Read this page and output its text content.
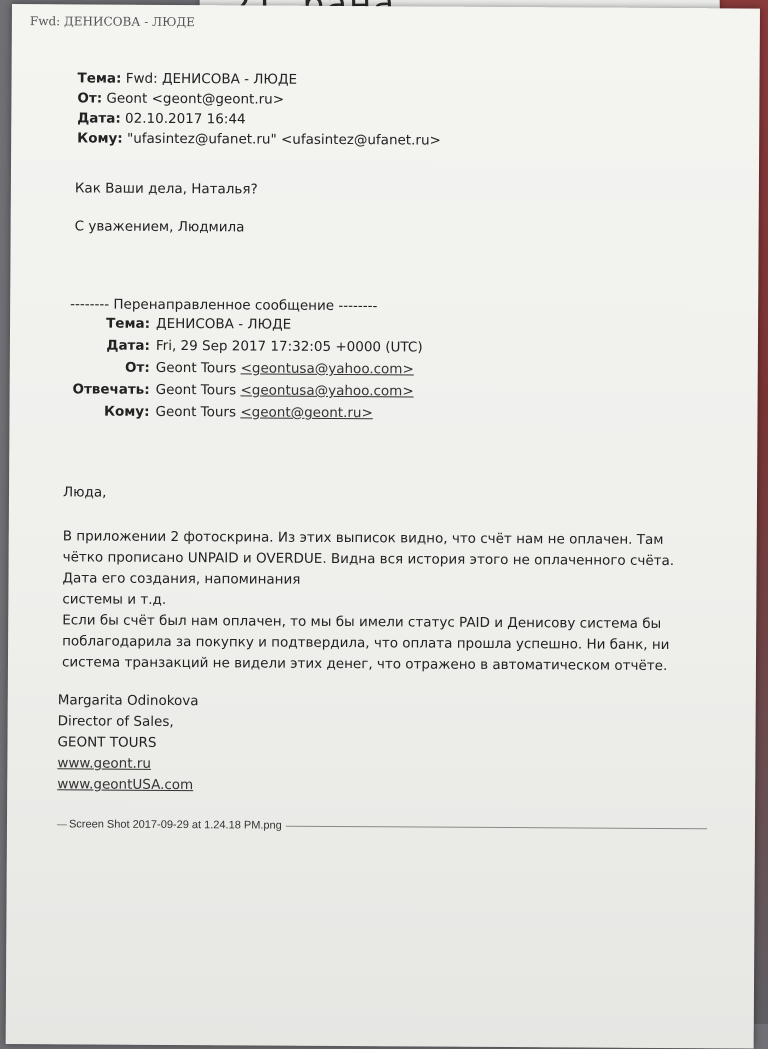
Fwd: ДЕНИСОВА - ЛЮДЕ
Тема: Fwd: ДЕНИСОВА - ЛЮДЕ
От: Geont <geont@geont.ru>
Дата: 02.10.2017 16:44
Кому: "ufasintez@ufanet.ru" <ufasintez@ufanet.ru>
Как Ваши дела, Наталья?
С уважением, Людмила
-------- Перенаправленное сообщение --------
Тема: ДЕНИСОВА - ЛЮДЕ
Дата: Fri, 29 Sep 2017 17:32:05 +0000 (UTC)
От: Geont Tours <geontusa@yahoo.com>
Отвечать: Geont Tours <geontusa@yahoo.com>
Кому: Geont Tours <geont@geont.ru>
Люда,
В приложении 2 фотоскрина. Из этих выписок видно, что счёт нам не оплачен. Там
чётко прописано UNPAID и OVERDUE. Видна вся история этого не оплаченного счёта.
Дата его создания, напоминания
системы и т.д.
Если бы счёт был нам оплачен, то мы бы имели статус PAID и Денисову система бы
поблагодарила за покупку и подтвердила, что оплата прошла успешно. Ни банк, ни
система транзакций не видели этих денег, что отражено в автоматическом отчёте.
Margarita Odinokova
Director of Sales,
GEONT TOURS
www.geont.ru
www.geontUSA.com
Screen Shot 2017-09-29 at 1.24.18 PM.png
